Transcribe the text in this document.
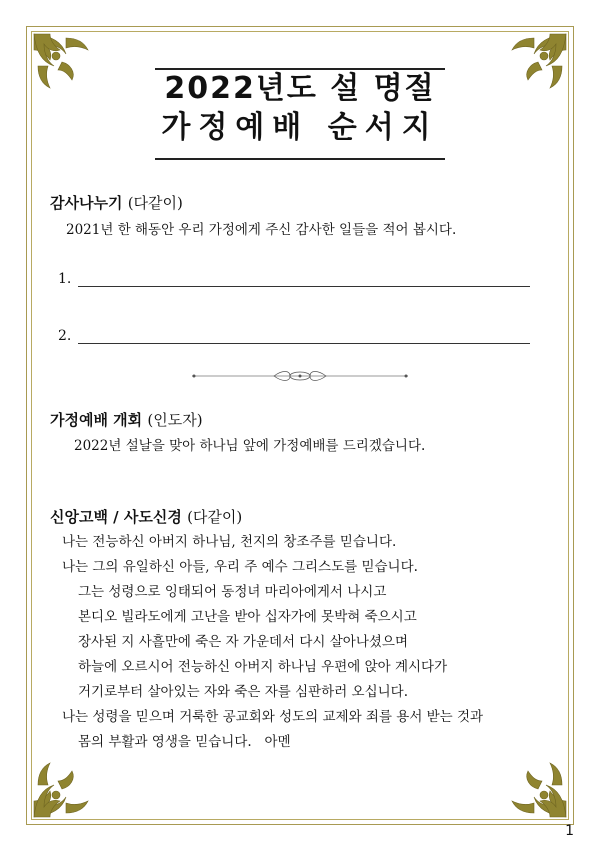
2022년도 설 명절
가정예배 순서지
감사나누기 (다같이)
2021년 한 해동안 우리 가정에게 주신 감사한 일들을 적어 봅시다.
1.
2.
가정예배 개회 (인도자)
2022년 설날을 맞아 하나님 앞에 가정예배를 드리겠습니다.
신앙고백 / 사도신경 (다같이)
나는 전능하신 아버지 하나님, 천지의 창조주를 믿습니다.
나는 그의 유일하신 아들, 우리 주 예수 그리스도를 믿습니다.
그는 성령으로 잉태되어 동정녀 마리아에게서 나시고
본디오 빌라도에게 고난을 받아 십자가에 못박혀 죽으시고
장사된 지 사흘만에 죽은 자 가운데서 다시 살아나셨으며
하늘에 오르시어 전능하신 아버지 하나님 우편에 앉아 계시다가
거기로부터 살아있는 자와 죽은 자를 심판하러 오십니다.
나는 성령을 믿으며 거룩한 공교회와 성도의 교제와 죄를 용서 받는 것과
몸의 부활과 영생을 믿습니다.   아멘
1
